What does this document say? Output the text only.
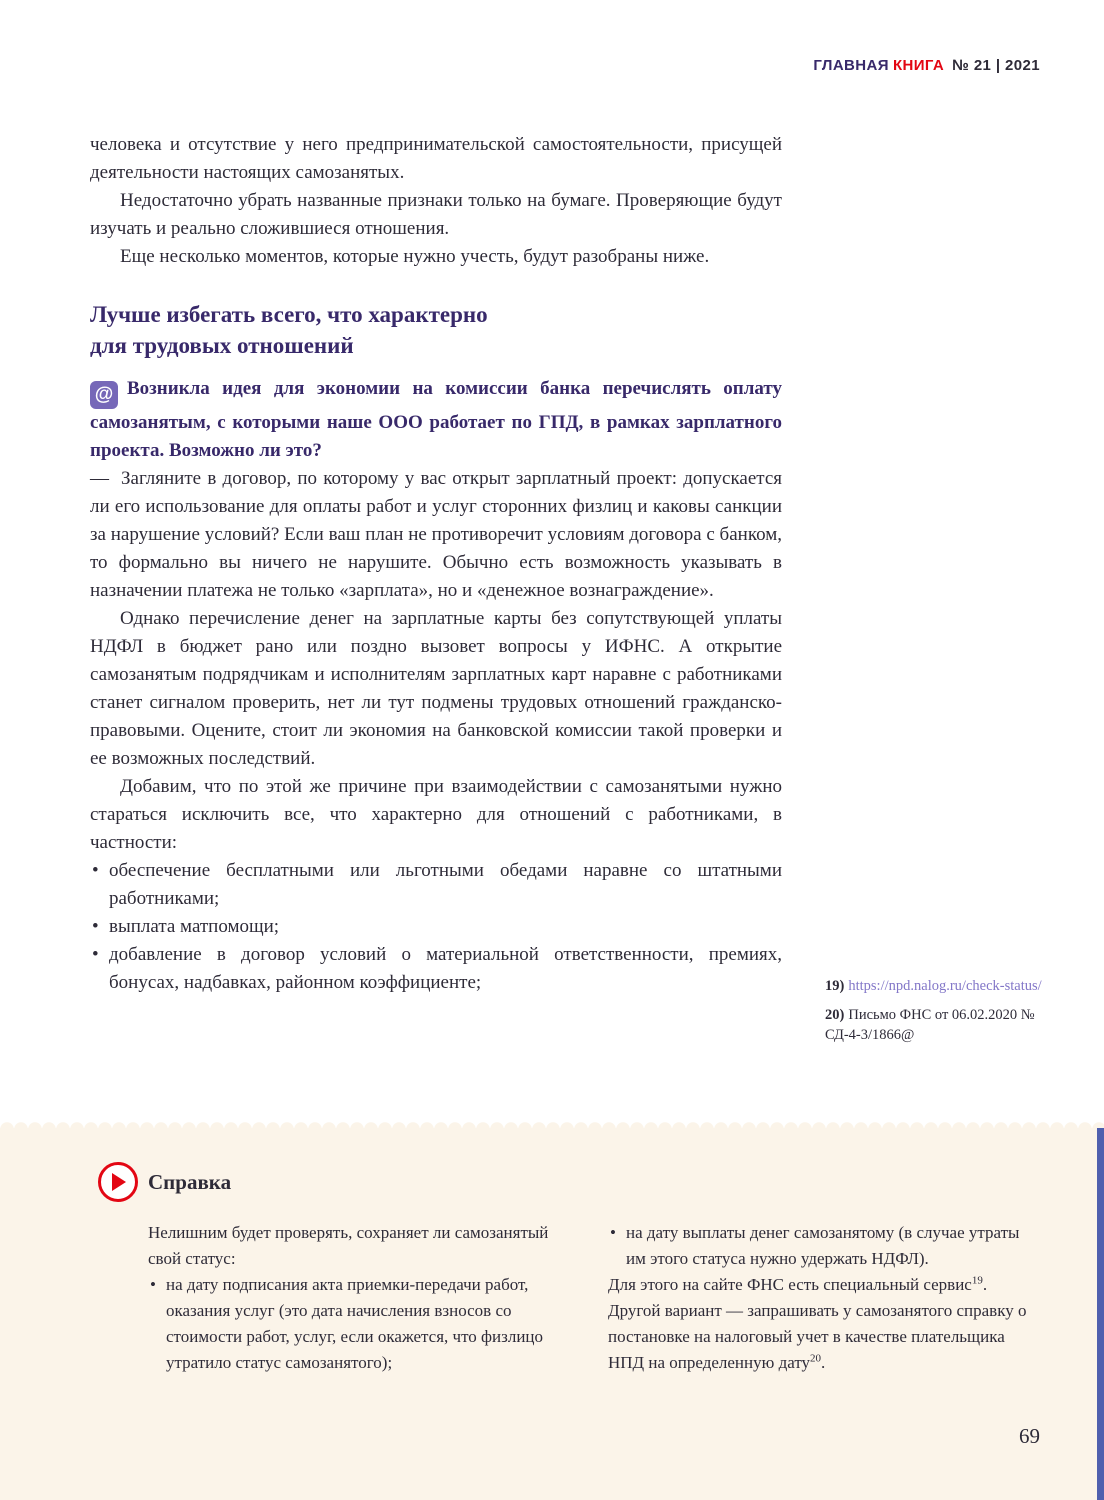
ГЛАВНАЯ КНИГА № 21 | 2021

человека и отсутствие у него предпринимательской самостоятельности, присущей деятельности настоящих самозанятых.

Недостаточно убрать названные признаки только на бумаге. Проверяющие будут изучать и реально сложившиеся отношения.

Еще несколько моментов, которые нужно учесть, будут разобраны ниже.

Лучше избегать всего, что характерно
для трудовых отношений

@ Возникла идея для экономии на комиссии банка перечислять оплату самозанятым, с которыми наше ООО работает по ГПД, в рамках зарплатного проекта. Возможно ли это?

— Загляните в договор, по которому у вас открыт зарплатный проект: допускается ли его использование для оплаты работ и услуг сторонних физлиц и каковы санкции за нарушение условий? Если ваш план не противоречит условиям договора с банком, то формально вы ничего не нарушите. Обычно есть возможность указывать в назначении платежа не только «зарплата», но и «денежное вознаграждение».

Однако перечисление денег на зарплатные карты без сопутствующей уплаты НДФЛ в бюджет рано или поздно вызовет вопросы у ИФНС. А открытие самозанятым подрядчикам и исполнителям зарплатных карт наравне с работниками станет сигналом проверить, нет ли тут подмены трудовых отношений гражданско-правовыми. Оцените, стоит ли экономия на банковской комиссии такой проверки и ее возможных последствий.

Добавим, что по этой же причине при взаимодействии с самозанятыми нужно стараться исключить все, что характерно для отношений с работниками, в частности:

• обеспечение бесплатными или льготными обедами наравне со штатными работниками;
• выплата матпомощи;
• добавление в договор условий о материальной ответственности, премиях, бонусах, надбавках, районном коэффициенте;	19) https://npd.nalog.ru/check-status/
20) Письмо ФНС от 06.02.2020 № СД-4-3/1866@
Справка

Нелишним будет проверять, сохраняет ли самозанятый свой статус:

• на дату подписания акта приемки-передачи работ, оказания услуг (это дата начисления взносов со стоимости работ, услуг, если окажется, что физлицо утратило статус самозанятого);
• на дату выплаты денег самозанятому (в случае утраты им этого статуса нужно удержать НДФЛ).

Для этого на сайте ФНС есть специальный сервис$^{19}$. Другой вариант — запрашивать у самозанятого справку о постановке на налоговый учет в качестве плательщика НПД на определенную дату$^{20}$.

69
